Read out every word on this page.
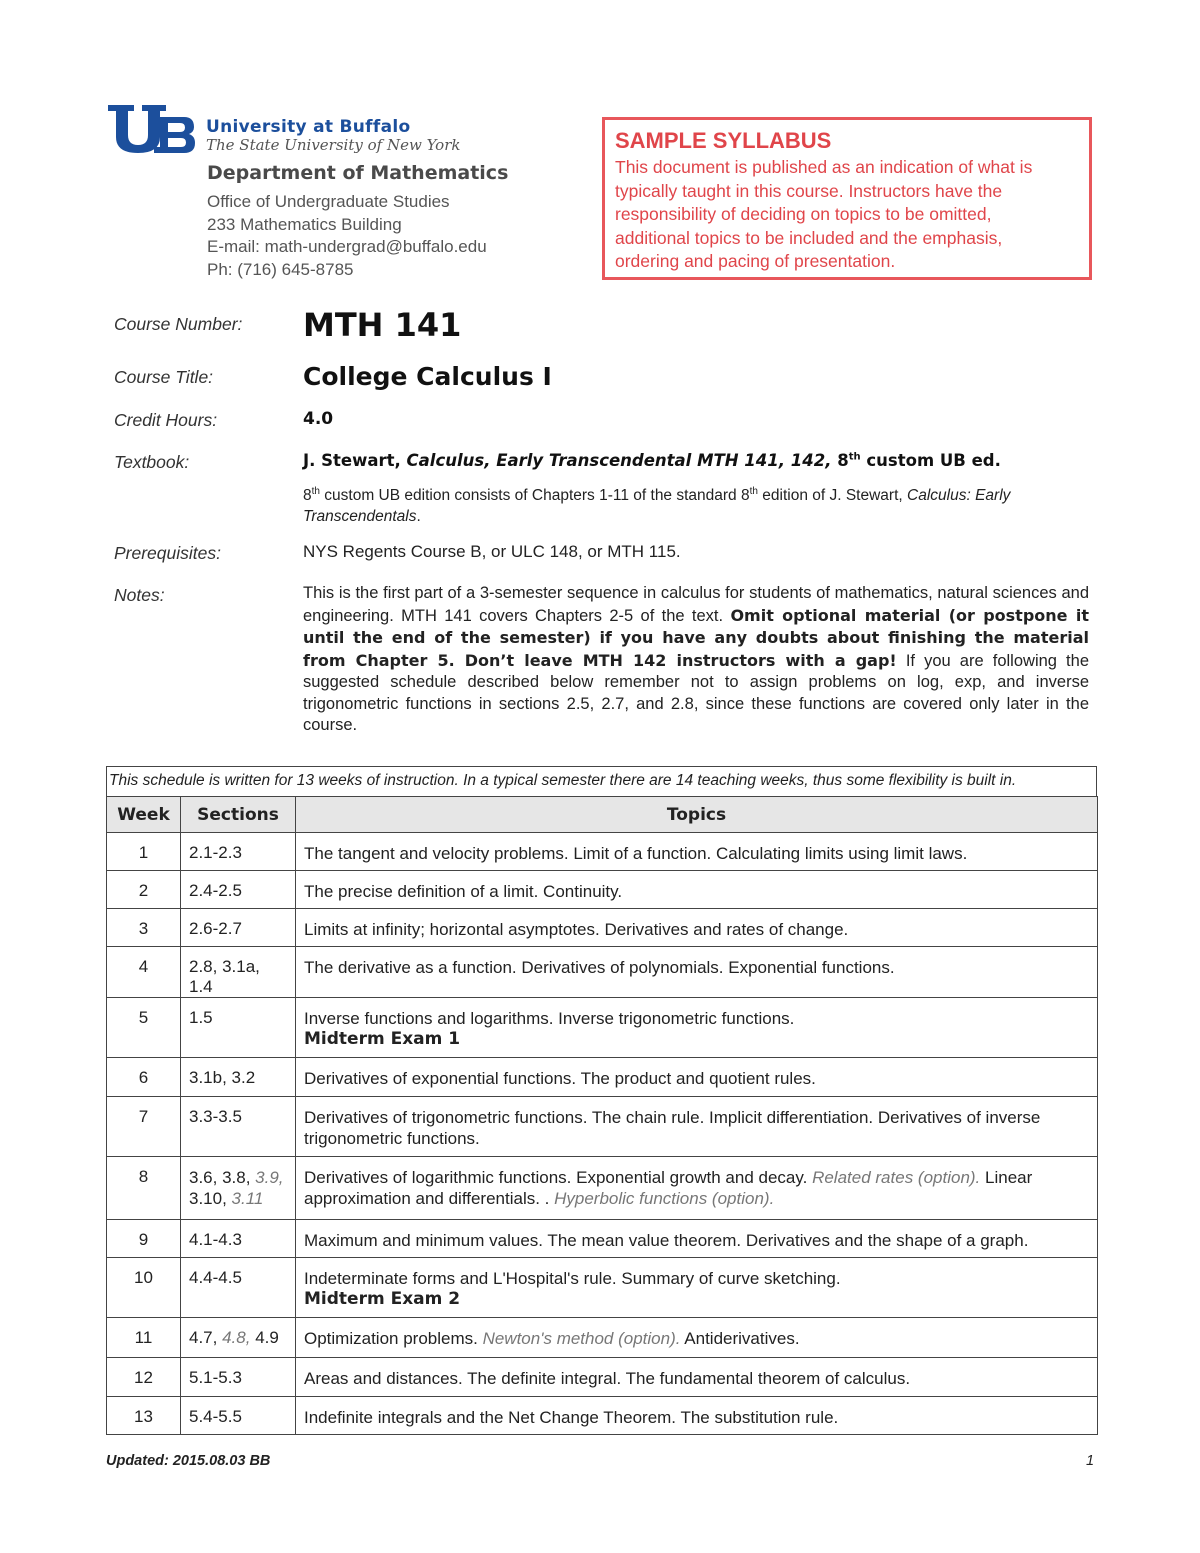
University at Buffalo
The State University of New York
Department of Mathematics
Office of Undergraduate Studies
233 Mathematics Building
E-mail: math-undergrad@buffalo.edu
Ph: (716) 645-8785
SAMPLE SYLLABUS
This document is published as an indication of what is
typically taught in this course. Instructors have the
responsibility of deciding on topics to be omitted,
additional topics to be included and the emphasis,
ordering and pacing of presentation.
Course Number: MTH 141
Course Title:	College Calculus I
Credit Hours:	4.0
Textbook:	J. Stewart, Calculus, Early Transcendental MTH 141, 142, 8th custom UB ed.
8th custom UB edition consists of Chapters 1-11 of the standard 8th edition of J. Stewart, Calculus: Early Transcendentals.
Prerequisites:	NYS Regents Course B, or ULC 148, or MTH 115.
Notes:	This is the first part of a 3-semester sequence in calculus for students of mathematics, natural sciences and engineering. MTH 141 covers Chapters 2-5 of the text. Omit optional material (or postpone it until the end of the semester) if you have any doubts about finishing the material from Chapter 5. Don’t leave MTH 142 instructors with a gap! If you are following the suggested schedule described below remember not to assign problems on log, exp, and inverse trigonometric functions in sections 2.5, 2.7, and 2.8, since these functions are covered only later in the course.
This schedule is written for 13 weeks of instruction. In a typical semester there are 14 teaching weeks, thus some flexibility is built in.
Week	Sections	Topics
1	2.1-2.3	The tangent and velocity problems. Limit of a function. Calculating limits using limit laws.
2	2.4-2.5	The precise definition of a limit. Continuity.
3	2.6-2.7	Limits at infinity; horizontal asymptotes. Derivatives and rates of change.
4	2.8, 3.1a, 1.4	The derivative as a function. Derivatives of polynomials. Exponential functions.
5	1.5	Inverse functions and logarithms. Inverse trigonometric functions.
Midterm Exam 1

6	3.1b, 3.2	Derivatives of exponential functions. The product and quotient rules.
7	3.3-3.5	Derivatives of trigonometric functions. The chain rule. Implicit differentiation. Derivatives of inverse trigonometric functions.
8	3.6, 3.8, 3.9,
3.10, 3.11	Derivatives of logarithmic functions. Exponential growth and decay. Related rates (option). Linear approximation and differentials. . Hyperbolic functions (option).
9	4.1-4.3	Maximum and minimum values. The mean value theorem. Derivatives and the shape of a graph.
10	4.4-4.5	Indeterminate forms and L'Hospital's rule. Summary of curve sketching.
Midterm Exam 2

11	4.7, 4.8, 4.9	Optimization problems. Newton's method (option). Antiderivatives.
12	5.1-5.3	Areas and distances. The definite integral. The fundamental theorem of calculus.
13	5.4-5.5	Indefinite integrals and the Net Change Theorem. The substitution rule.
Updated: 2015.08.03 BB	1
